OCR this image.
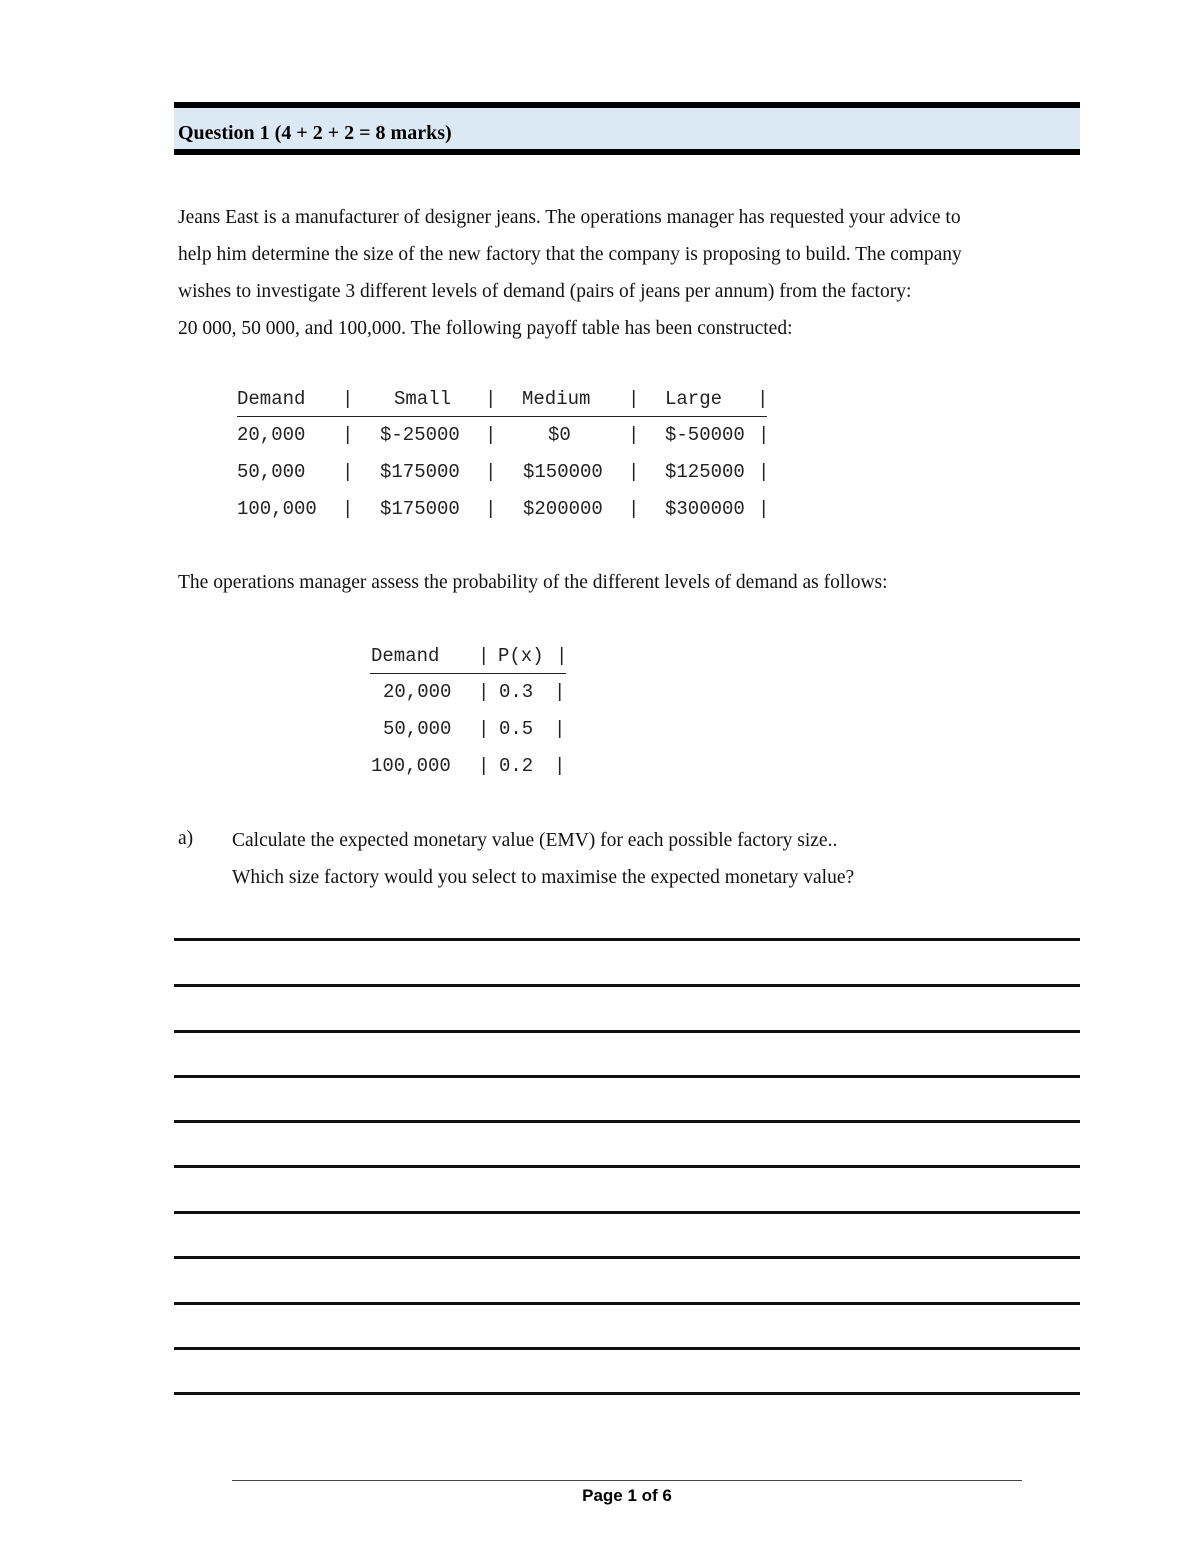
Question 1 (4 + 2 + 2 = 8 marks)

Jeans East is a manufacturer of designer jeans. The operations manager has requested your advice to

help him determine the size of the new factory that the company is proposing to build. The company

wishes to investigate 3 different levels of demand (pairs of jeans per annum) from the factory:

20 000, 50 000, and 100,000. The following payoff table has been constructed:

Demand

|

Small

|

Medium

|

Large

|

20,000

|

$-25000

|

	$0

	|

$-50000

|

50,000

|

$175000

|

$150000

|

$125000

|

100,000

|

$175000

|

$200000

|

$300000

|

The operations manager assess the probability of the different levels of demand as follows:

Demand

|

P(x)

|

20,000

|

0.3

|

50,000

|

0.5

|

100,000

|

0.2

|

a) Calculate the expected monetary value (EMV) for each possible factory size..

Which size factory would you select to maximise the expected monetary value?

Page 1 of 6
